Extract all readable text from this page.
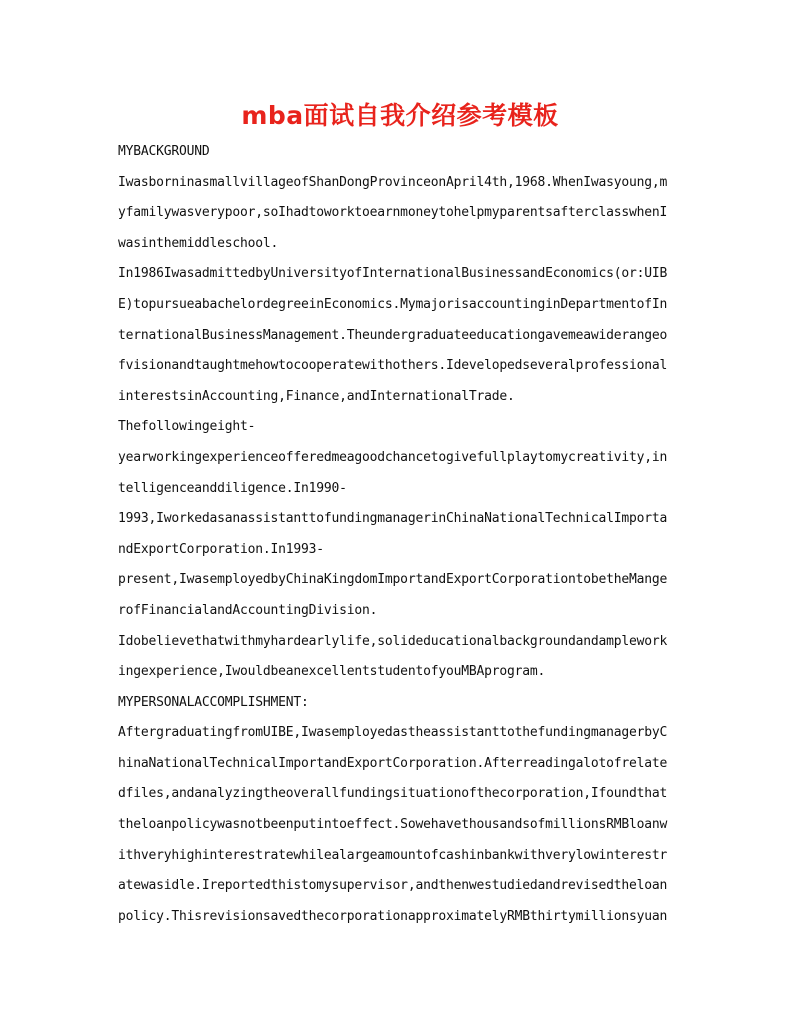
mba面试自我介绍参考模板
MYBACKGROUND
IwasborninasmallvillageofShanDongProvinceonApril4th,1968.WhenIwasyoung,m
yfamilywasverypoor,soIhadtoworktoearnmoneytohelpmyparentsafterclasswhenI
wasinthemiddleschool.
In1986IwasadmittedbyUniversityofInternationalBusinessandEconomics(or:UIB
E)topursueabachelordegreeinEconomics.MymajorisaccountinginDepartmentofIn
ternationalBusinessManagement.Theundergraduateeducationgavemeawiderangeo
fvisionandtaughtmehowtocooperatewithothers.Idevelopedseveralprofessional
interestsinAccounting,Finance,andInternationalTrade.
Thefollowingeight-
yearworkingexperienceofferedmeagoodchancetogivefullplaytomycreativity,in
telligenceanddiligence.In1990-
1993,IworkedasanassistanttofundingmanagerinChinaNationalTechnicalImporta
ndExportCorporation.In1993-
present,IwasemployedbyChinaKingdomImportandExportCorporationtobetheMange
rofFinancialandAccountingDivision.
Idobelievethatwithmyhardearlylife,solideducationalbackgroundandamplework
ingexperience,IwouldbeanexcellentstudentofyouMBAprogram.
MYPERSONALACCOMPLISHMENT:
AftergraduatingfromUIBE,IwasemployedastheassistanttothefundingmanagerbyC
hinaNationalTechnicalImportandExportCorporation.Afterreadingalotofrelate
dfiles,andanalyzingtheoverallfundingsituationofthecorporation,Ifoundthat
theloanpolicywasnotbeenputintoeffect.SowehavethousandsofmillionsRMBloanw
ithveryhighinterestratewhilealargeamountofcashinbankwithverylowinterestr
atewasidle.Ireportedthistomysupervisor,andthenwestudiedandrevisedtheloan
policy.ThisrevisionsavedthecorporationapproximatelyRMBthirtymillionsyuan
